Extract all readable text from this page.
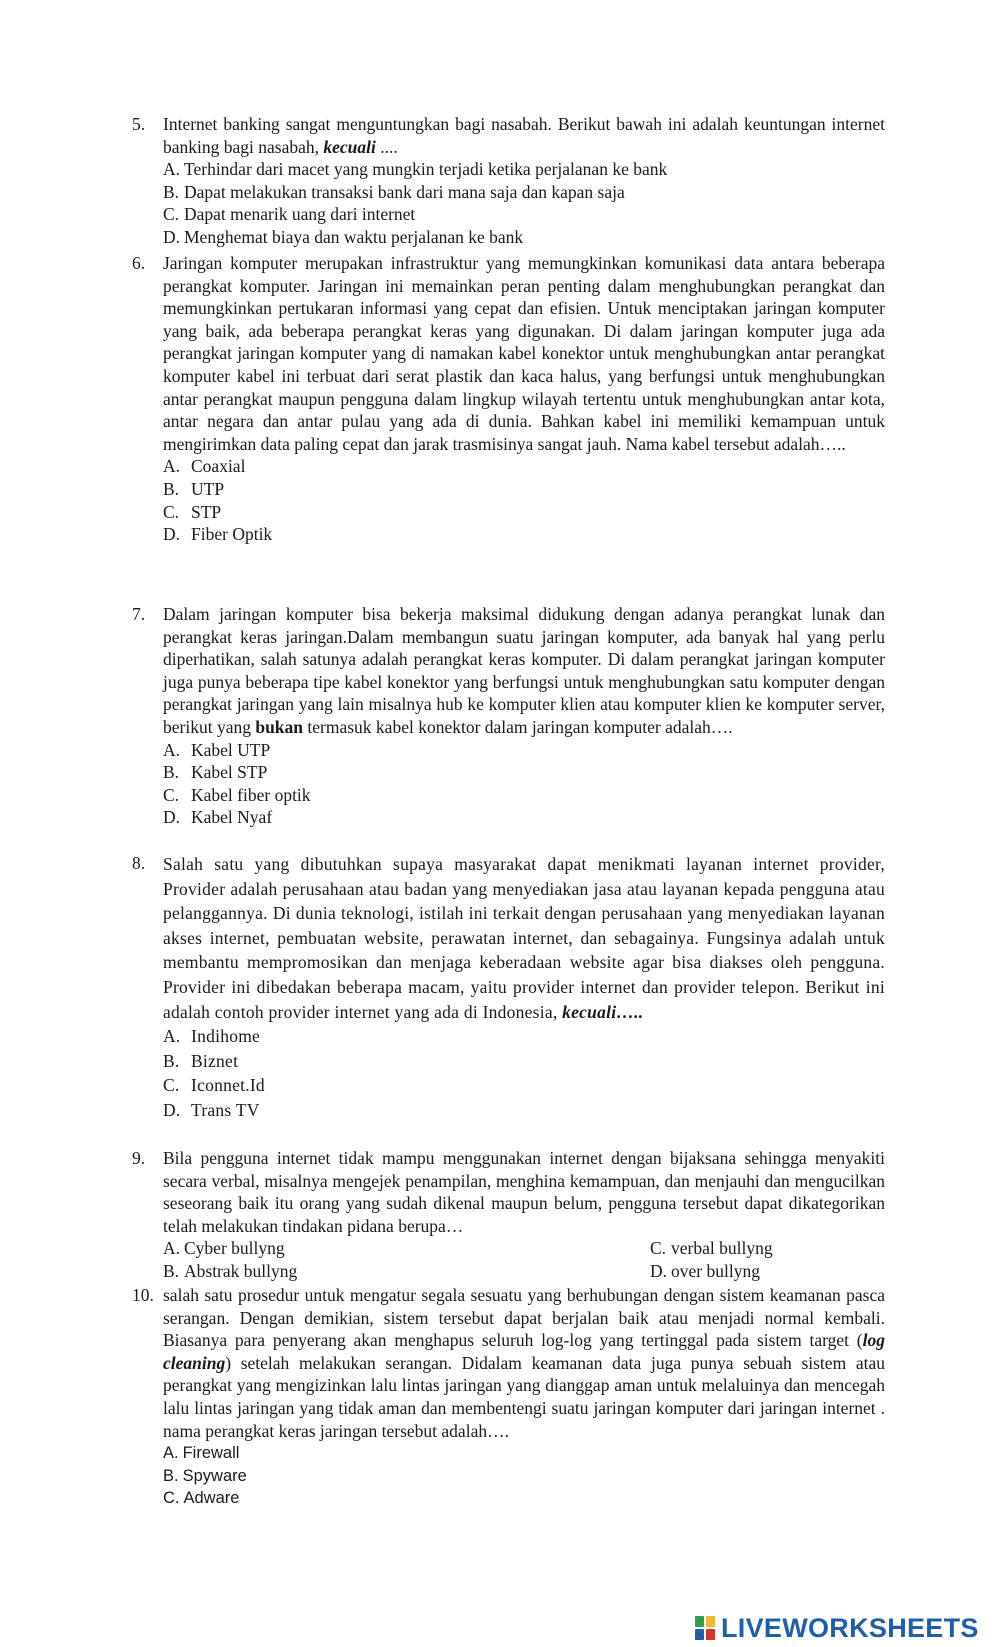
5. Internet banking sangat menguntungkan bagi nasabah. Berikut bawah ini adalah keuntungan internet banking bagi nasabah, kecuali ....
A. Terhindar dari macet yang mungkin terjadi ketika perjalanan ke bank
B. Dapat melakukan transaksi bank dari mana saja dan kapan saja
C. Dapat menarik uang dari internet
D. Menghemat biaya dan waktu perjalanan ke bank
6. Jaringan komputer merupakan infrastruktur yang memungkinkan komunikasi data antara beberapa perangkat komputer. Jaringan ini memainkan peran penting dalam menghubungkan perangkat dan memungkinkan pertukaran informasi yang cepat dan efisien. Untuk menciptakan jaringan komputer yang baik, ada beberapa perangkat keras yang digunakan. Di dalam jaringan komputer juga ada perangkat jaringan komputer yang di namakan kabel konektor untuk menghubungkan antar perangkat komputer kabel ini terbuat dari serat plastik dan kaca halus, yang berfungsi untuk menghubungkan antar perangkat maupun pengguna dalam lingkup wilayah tertentu untuk menghubungkan antar kota, antar negara dan antar pulau yang ada di dunia. Bahkan kabel ini memiliki kemampuan untuk mengirimkan data paling cepat dan jarak trasmisinya sangat jauh. Nama kabel tersebut adalah…..
A. Coaxial
B. UTP
C. STP
D. Fiber Optik
7. Dalam jaringan komputer bisa bekerja maksimal didukung dengan adanya perangkat lunak dan perangkat keras jaringan.Dalam membangun suatu jaringan komputer, ada banyak hal yang perlu diperhatikan, salah satunya adalah perangkat keras komputer. Di dalam perangkat jaringan komputer juga punya beberapa tipe kabel konektor yang berfungsi untuk menghubungkan satu komputer dengan perangkat jaringan yang lain misalnya hub ke komputer klien atau komputer klien ke komputer server, berikut yang bukan termasuk kabel konektor dalam jaringan komputer adalah….
A. Kabel UTP
B. Kabel STP
C. Kabel fiber optik
D. Kabel Nyaf
8. Salah satu yang dibutuhkan supaya masyarakat dapat menikmati layanan internet provider, Provider adalah perusahaan atau badan yang menyediakan jasa atau layanan kepada pengguna atau pelanggannya. Di dunia teknologi, istilah ini terkait dengan perusahaan yang menyediakan layanan akses internet, pembuatan website, perawatan internet, dan sebagainya. Fungsinya adalah untuk membantu mempromosikan dan menjaga keberadaan website agar bisa diakses oleh pengguna. Provider ini dibedakan beberapa macam, yaitu provider internet dan provider telepon. Berikut ini adalah contoh provider internet yang ada di Indonesia, kecuali…..
A. Indihome
B. Biznet
C. Iconnet.Id
D. Trans TV
9. Bila pengguna internet tidak mampu menggunakan internet dengan bijaksana sehingga menyakiti secara verbal, misalnya mengejek penampilan, menghina kemampuan, dan menjauhi dan mengucilkan seseorang baik itu orang yang sudah dikenal maupun belum, pengguna tersebut dapat dikategorikan telah melakukan tindakan pidana berupa…
A. Cyber bullyng	C. verbal bullyng
B. Abstrak bullyng	D. over bullyng
10. salah satu prosedur untuk mengatur segala sesuatu yang berhubungan dengan sistem keamanan pasca serangan. Dengan demikian, sistem tersebut dapat berjalan baik atau menjadi normal kembali. Biasanya para penyerang akan menghapus seluruh log-log yang tertinggal pada sistem target (log cleaning) setelah melakukan serangan. Didalam keamanan data juga punya sebuah sistem atau perangkat yang mengizinkan lalu lintas jaringan yang dianggap aman untuk melaluinya dan mencegah lalu lintas jaringan yang tidak aman dan membentengi suatu jaringan komputer dari jaringan internet . nama perangkat keras jaringan tersebut adalah….
A. Firewall
B. Spyware
C. Adware
LIVEWORKSHEETS
